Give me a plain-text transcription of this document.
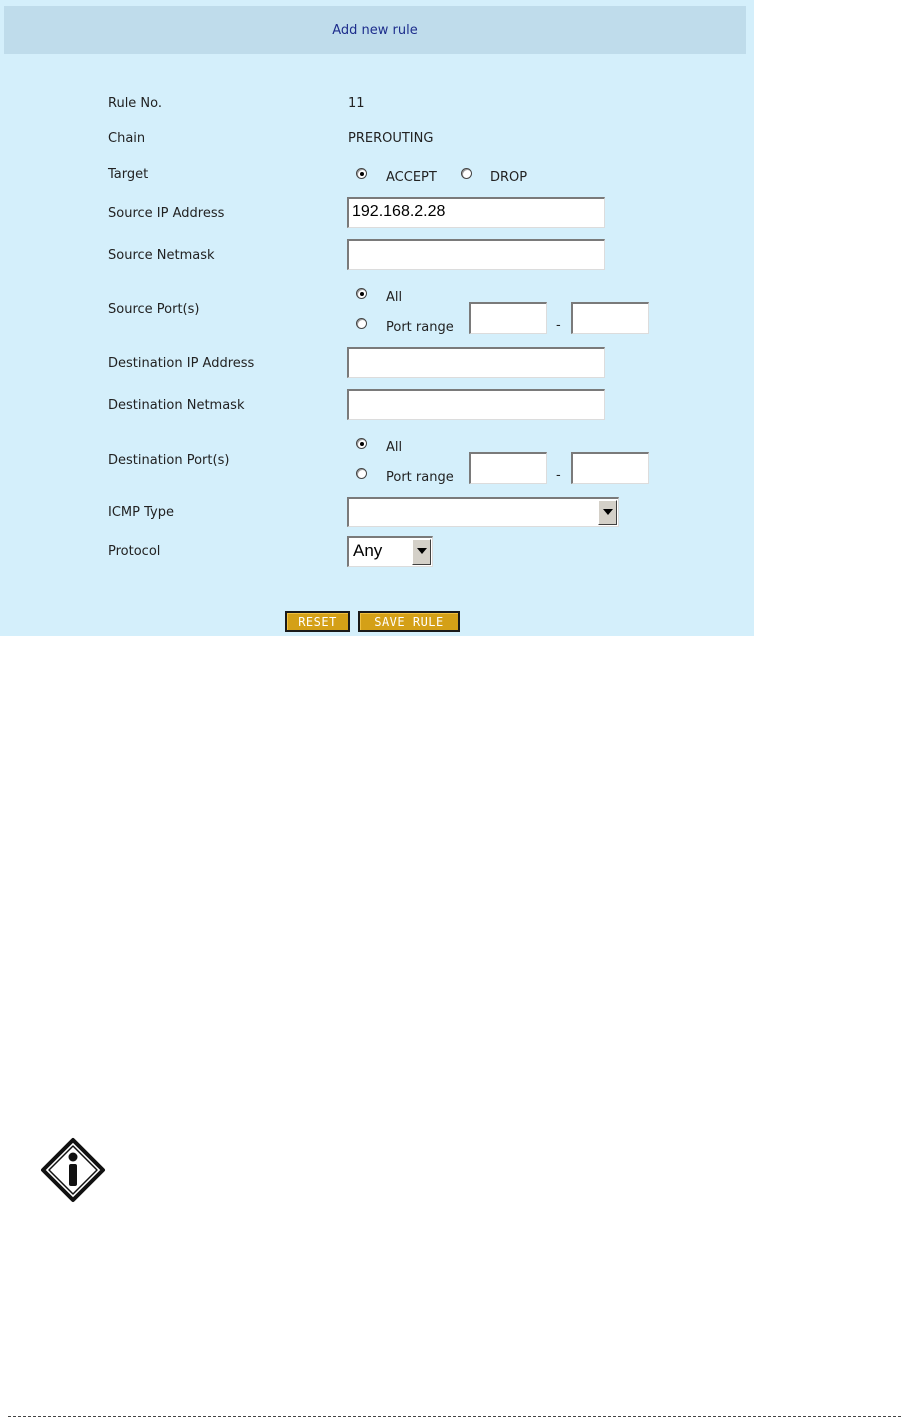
Add new rule
Rule No.	11
Chain	PREROUTING
Target	ACCEPT	DROP
Source IP Address	192.168.2.28
Source Netmask
Source Port(s)
All
Port range	-
Destination IP Address
Destination Netmask
Destination Port(s)
All
Port range	-
ICMP Type
Protocol	Any
RESET	SAVE RULE
